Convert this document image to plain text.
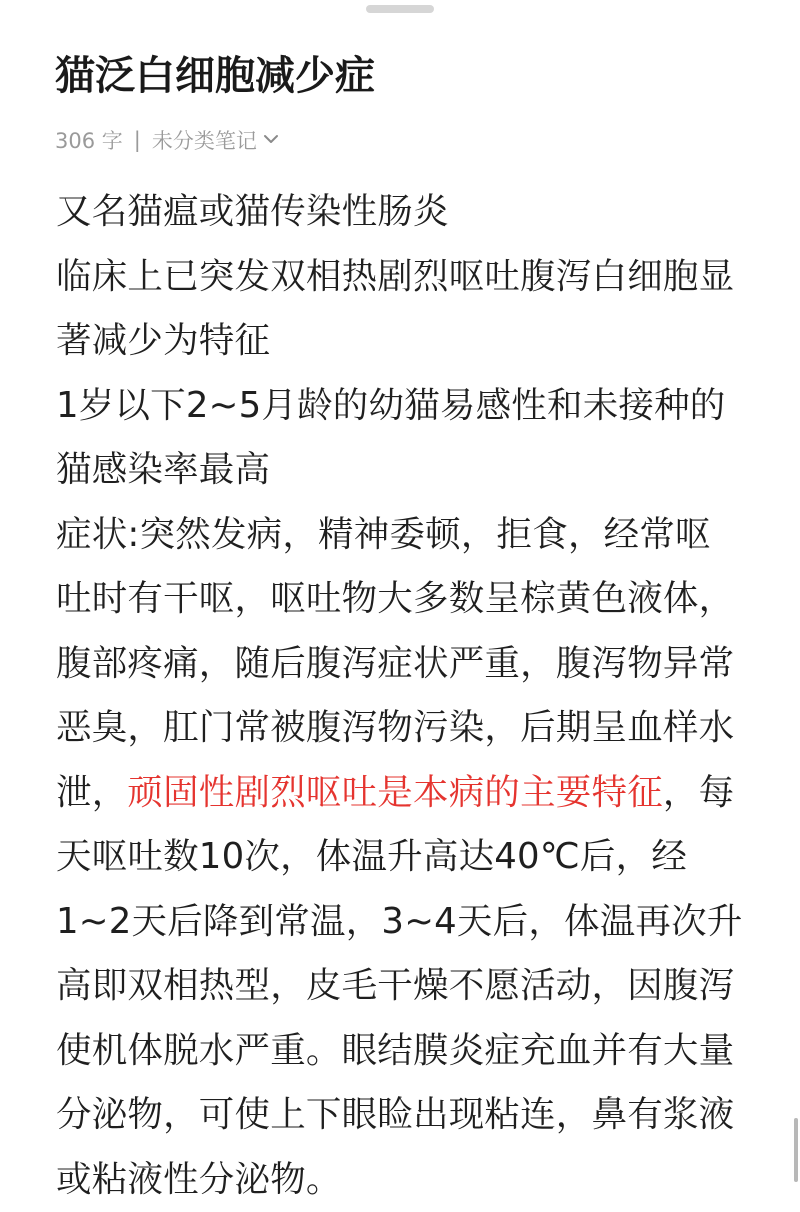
猫泛白细胞减少症
306 字 | 未分类笔记
又名猫瘟或猫传染性肠炎
临床上已突发双相热剧烈呕吐腹泻白细胞显著减少为特征
1岁以下2~5月龄的幼猫易感性和未接种的猫感染率最高
症状:突然发病，精神委顿，拒食，经常呕吐时有干呕，呕吐物大多数呈棕黄色液体，腹部疼痛，随后腹泻症状严重，腹泻物异常恶臭，肛门常被腹泻物污染，后期呈血样水泄，顽固性剧烈呕吐是本病的主要特征，每天呕吐数10次，体温升高达40℃后，经1~2天后降到常温，3~4天后，体温再次升高即双相热型，皮毛干燥不愿活动，因腹泻使机体脱水严重。眼结膜炎症充血并有大量分泌物，可使上下眼睑出现粘连，鼻有浆液或粘液性分泌物。
